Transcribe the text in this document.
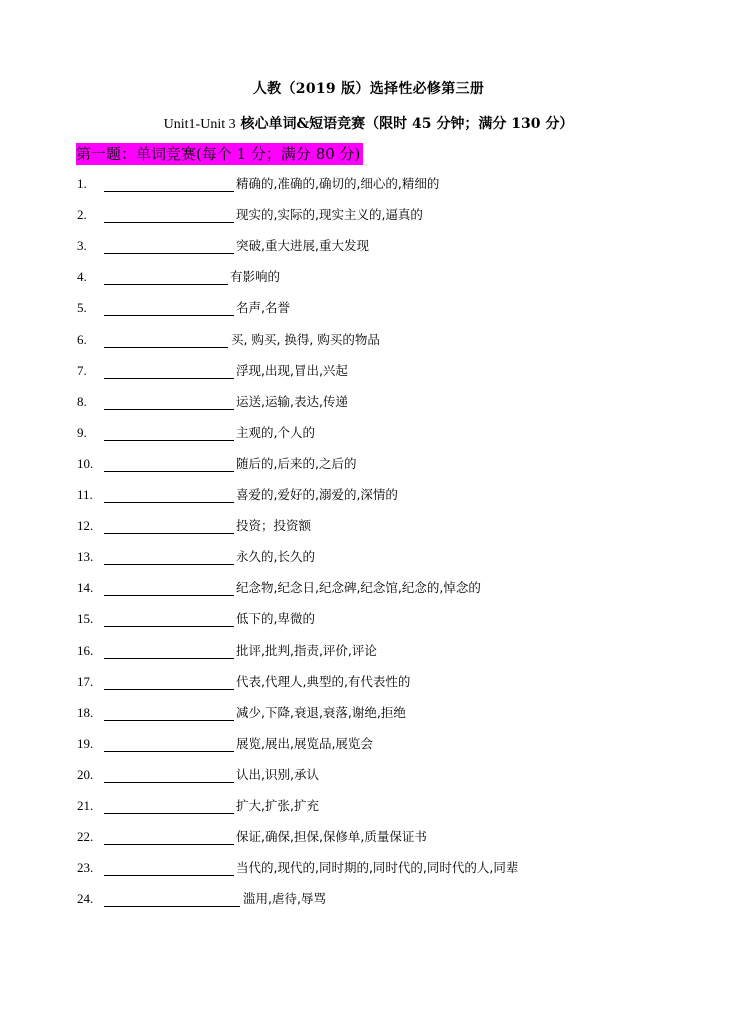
人教（2019 版）选择性必修第三册
Unit1-Unit 3 核心单词&短语竞赛（限时 45 分钟；满分 130 分）
第一题：单词竞赛(每个 1 分；满分 80 分)
1.	精确的,准确的,确切的,细心的,精细的
2.	现实的,实际的,现实主义的,逼真的
3.	突破,重大进展,重大发现
4.	有影响的
5.	名声,名誉
6.	买, 购买, 换得, 购买的物品
7.	浮现,出现,冒出,兴起
8.	运送,运输,表达,传递
9.	主观的,个人的
10.	随后的,后来的,之后的
11.	喜爱的,爱好的,溺爱的,深情的
12.	投资；投资额
13.	永久的,长久的
14.	纪念物,纪念日,纪念碑,纪念馆,纪念的,悼念的
15.	低下的,卑微的
16.	批评,批判,指责,评价,评论
17.	代表,代理人,典型的,有代表性的
18.	减少,下降,衰退,衰落,谢绝,拒绝
19.	展览,展出,展览品,展览会
20.	认出,识别,承认
21.	扩大,扩张,扩充
22.	保证,确保,担保,保修单,质量保证书
23.	当代的,现代的,同时期的,同时代的,同时代的人,同辈
24.	滥用,虐待,辱骂
